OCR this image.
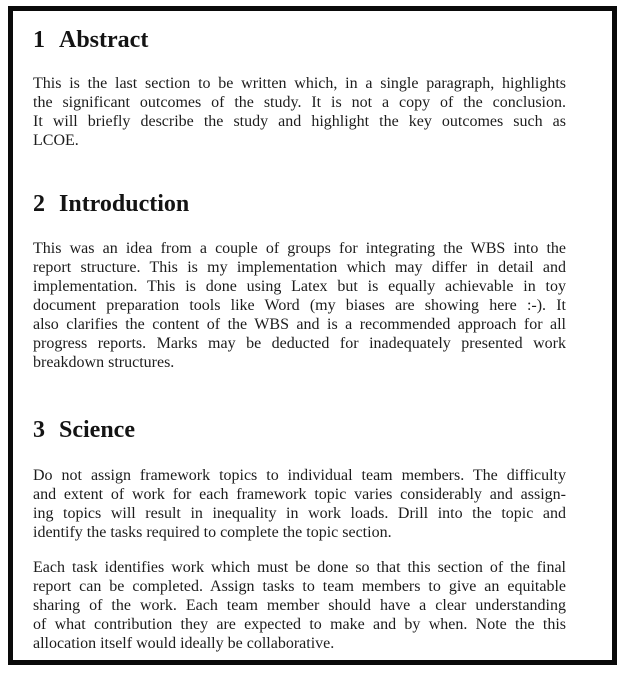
1 Abstract
This is the last section to be written which, in a single paragraph, highlights
the significant outcomes of the study. It is not a copy of the conclusion.
It will briefly describe the study and highlight the key outcomes such as
LCOE.
2 Introduction
This was an idea from a couple of groups for integrating the WBS into the
report structure. This is my implementation which may differ in detail and
implementation. This is done using Latex but is equally achievable in toy
document preparation tools like Word (my biases are showing here :-). It
also clarifies the content of the WBS and is a recommended approach for all
progress reports. Marks may be deducted for inadequately presented work
breakdown structures.
3 Science
Do not assign framework topics to individual team members. The difficulty
and extent of work for each framework topic varies considerably and assign-
ing topics will result in inequality in work loads. Drill into the topic and
identify the tasks required to complete the topic section.
Each task identifies work which must be done so that this section of the final
report can be completed. Assign tasks to team members to give an equitable
sharing of the work. Each team member should have a clear understanding
of what contribution they are expected to make and by when. Note the this
allocation itself would ideally be collaborative.
